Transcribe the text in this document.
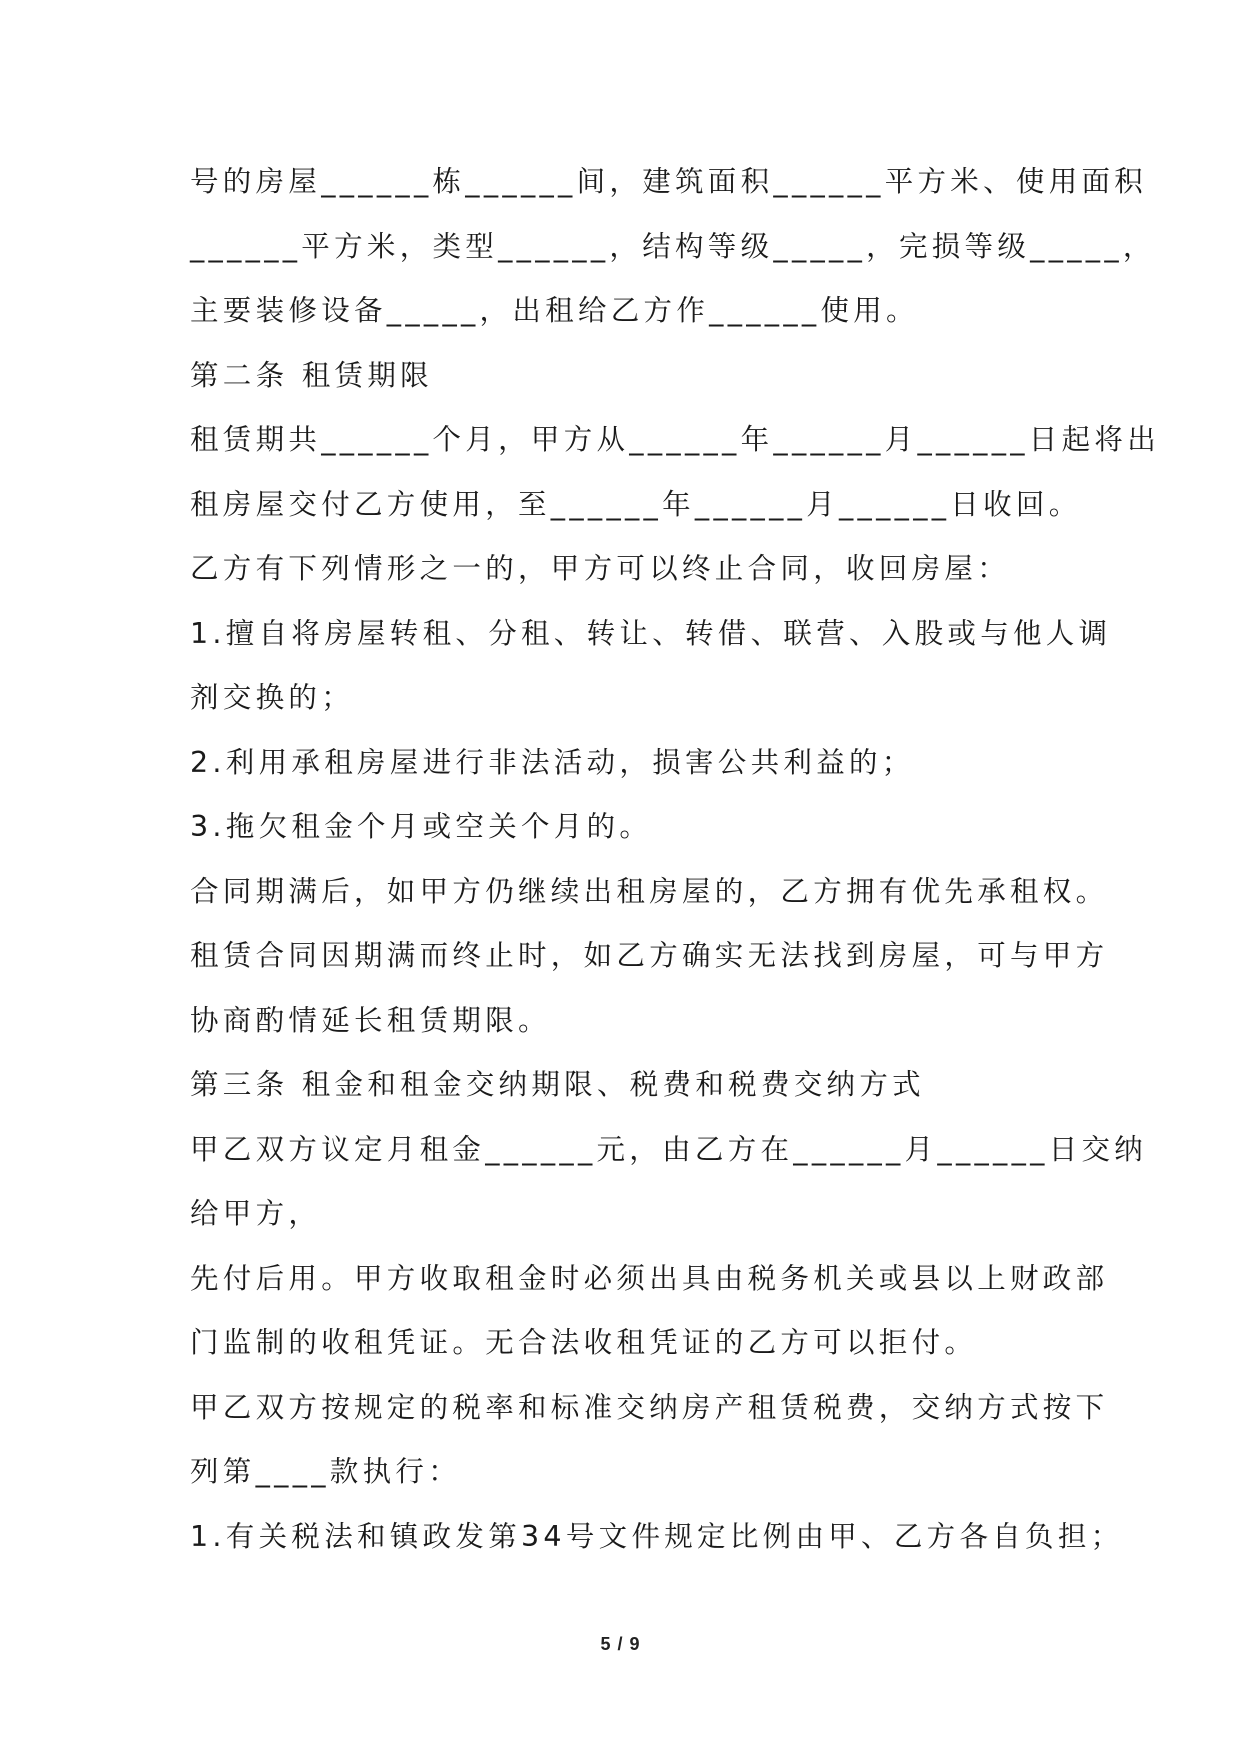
号的房屋______栋______间，建筑面积______平方米、使用面积
______平方米，类型______，结构等级_____，完损等级_____，
主要装修设备_____，出租给乙方作______使用。
第二条 租赁期限
租赁期共______个月，甲方从______年______月______日起将出
租房屋交付乙方使用，至______年______月______日收回。
乙方有下列情形之一的，甲方可以终止合同，收回房屋：
1.擅自将房屋转租、分租、转让、转借、联营、入股或与他人调
剂交换的；
2.利用承租房屋进行非法活动，损害公共利益的；
3.拖欠租金个月或空关个月的。
合同期满后，如甲方仍继续出租房屋的，乙方拥有优先承租权。
租赁合同因期满而终止时，如乙方确实无法找到房屋，可与甲方
协商酌情延长租赁期限。
第三条 租金和租金交纳期限、税费和税费交纳方式
甲乙双方议定月租金______元，由乙方在______月______日交纳
给甲方，
先付后用。甲方收取租金时必须出具由税务机关或县以上财政部
门监制的收租凭证。无合法收租凭证的乙方可以拒付。
甲乙双方按规定的税率和标准交纳房产租赁税费，交纳方式按下
列第____款执行：
1.有关税法和镇政发第34号文件规定比例由甲、乙方各自负担；
5 / 9
